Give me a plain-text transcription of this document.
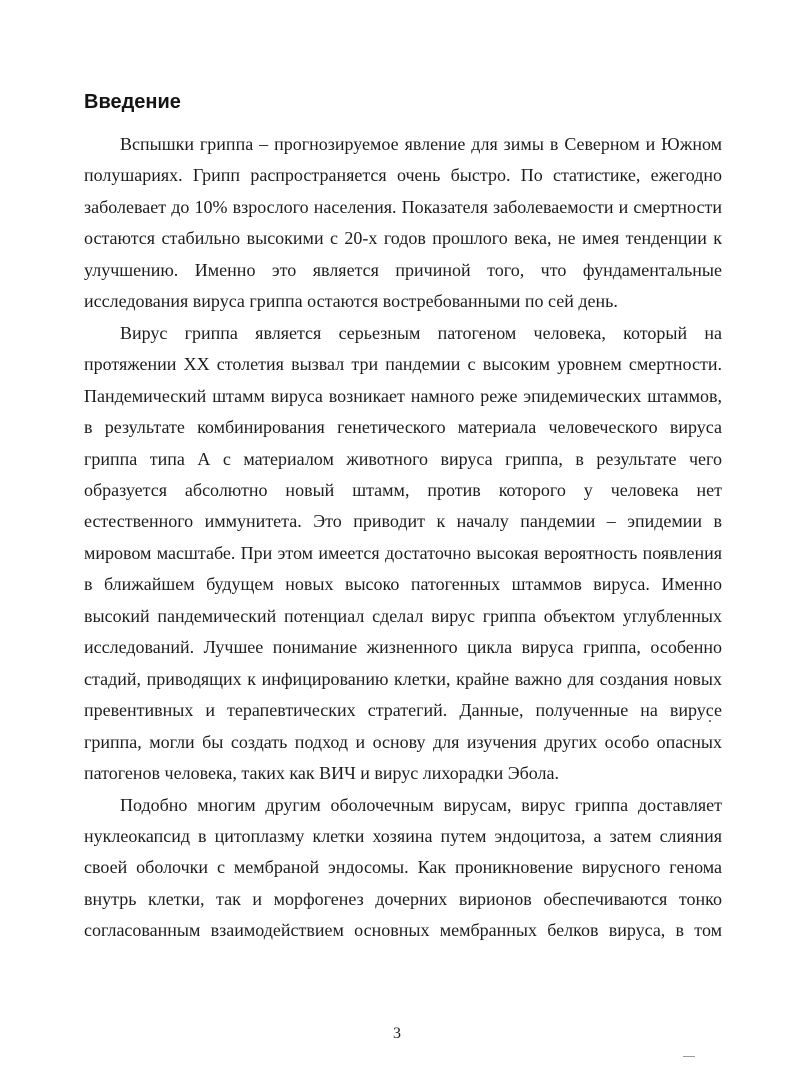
Введение

Вспышки гриппа – прогнозируемое явление для зимы в Северном и Южном полушариях. Грипп распространяется очень быстро. По статистике, ежегодно заболевает до 10% взрослого населения. Показателя заболеваемости и смертности остаются стабильно высокими с 20-х годов прошлого века, не имея тенденции к улучшению. Именно это является причиной того, что фундаментальные исследования вируса гриппа остаются востребованными по сей день.

Вирус гриппа является серьезным патогеном человека, который на протяжении XX столетия вызвал три пандемии с высоким уровнем смертности. Пандемический штамм вируса возникает намного реже эпидемических штаммов, в результате комбинирования генетического материала человеческого вируса гриппа типа А с материалом животного вируса гриппа, в результате чего образуется абсолютно новый штамм, против которого у человека нет естественного иммунитета. Это приводит к началу пандемии – эпидемии в мировом масштабе. При этом имеется достаточно высокая вероятность появления в ближайшем будущем новых высоко патогенных штаммов вируса. Именно высокий пандемический потенциал сделал вирус гриппа объектом углубленных исследований. Лучшее понимание жизненного цикла вируса гриппа, особенно стадий, приводящих к инфицированию клетки, крайне важно для создания новых превентивных и терапевтических стратегий. Данные, полученные на вирусе гриппа, могли бы создать подход и основу для изучения других особо опасных патогенов человека, таких как ВИЧ и вирус лихорадки Эбола.

Подобно многим другим оболочечным вирусам, вирус гриппа доставляет нуклеокапсид в цитоплазму клетки хозяина путем эндоцитоза, а затем слияния своей оболочки с мембраной эндосомы. Как проникновение вирусного генома внутрь клетки, так и морфогенез дочерних вирионов обеспечиваются тонко согласованным взаимодействием основных мембранных белков вируса, в том

3
